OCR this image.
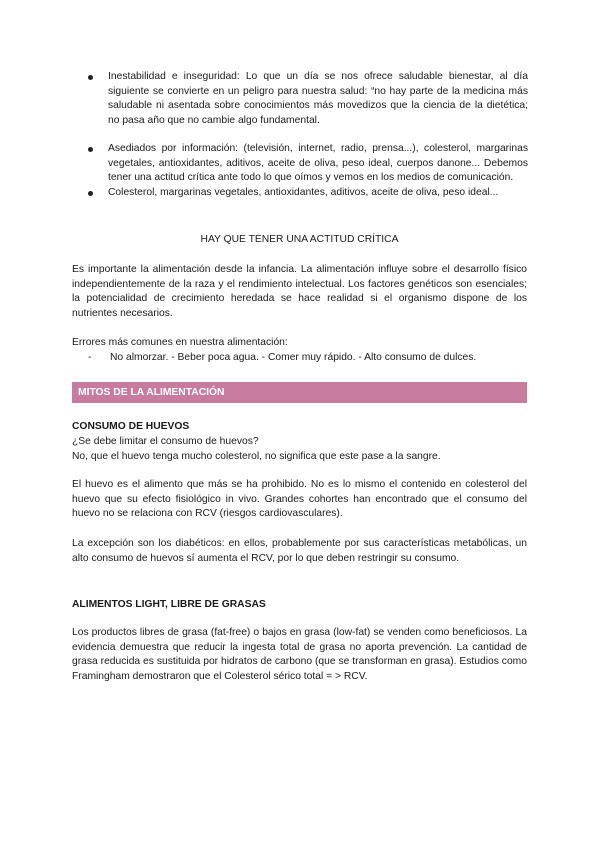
Inestabilidad e inseguridad: Lo que un día se nos ofrece saludable bienestar, al día siguiente se convierte en un peligro para nuestra salud: “no hay parte de la medicina más saludable ni asentada sobre conocimientos más movedizos que la ciencia de la dietética; no pasa año que no cambie algo fundamental.
Asediados por información: (televisión, internet, radio, prensa...), colesterol, margarinas vegetales, antioxidantes, aditivos, aceite de oliva, peso ideal, cuerpos danone... Debemos tener una actitud crítica ante todo lo que oímos y vemos en los medios de comunicación.
Colesterol, margarinas vegetales, antioxidantes, aditivos, aceite de oliva, peso ideal...
HAY QUE TENER UNA ACTITUD CRÍTICA

Es importante la alimentación desde la infancia. La alimentación influye sobre el desarrollo físico independientemente de la raza y el rendimiento intelectual. Los factores genéticos son esenciales; la potencialidad de crecimiento heredada se hace realidad si el organismo dispone de los nutrientes necesarios.

Errores más comunes en nuestra alimentación:

- No almorzar. - Beber poca agua. - Comer muy rápido. - Alto consumo de dulces.
MITOS DE LA ALIMENTACIÓN
CONSUMO DE HUEVOS

¿Se debe limitar el consumo de huevos?

No, que el huevo tenga mucho colesterol, no significa que este pase a la sangre.

El huevo es el alimento que más se ha prohibido. No es lo mismo el contenido en colesterol del huevo que su efecto fisiológico in vivo. Grandes cohortes han encontrado que el consumo del huevo no se relaciona con RCV (riesgos cardiovasculares).

La excepción son los diabéticos: en ellos, probablemente por sus características metabólicas, un alto consumo de huevos sí aumenta el RCV, por lo que deben restringir su consumo.

ALIMENTOS LIGHT, LIBRE DE GRASAS

Los productos libres de grasa (fat-free) o bajos en grasa (low-fat) se venden como beneficiosos. La evidencia demuestra que reducir la ingesta total de grasa no aporta prevención. La cantidad de grasa reducida es sustituida por hidratos de carbono (que se transforman en grasa). Estudios como Framingham demostraron que el Colesterol sérico total = > RCV.
